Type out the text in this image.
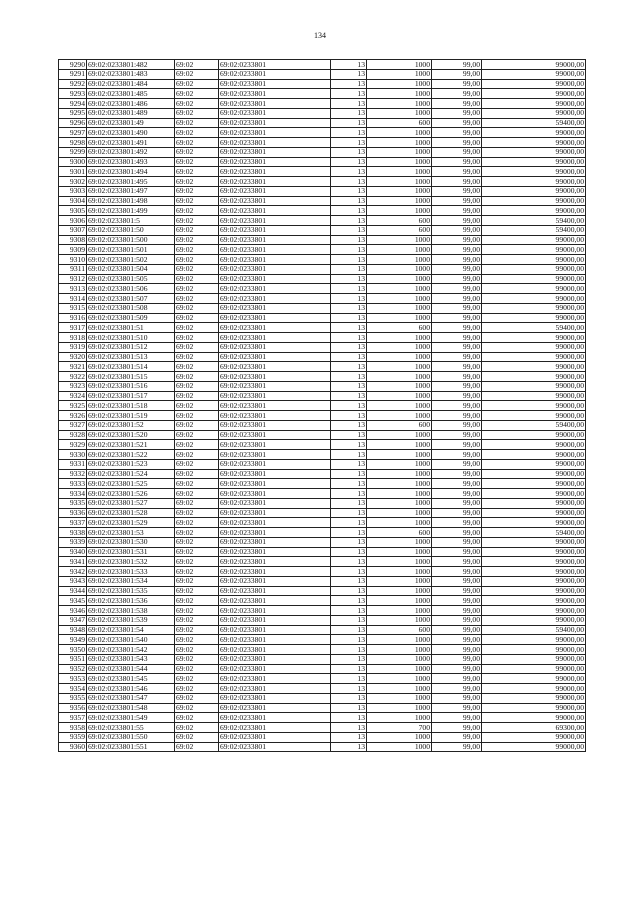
134
9290	69:02:0233801:482	69:02	69:02:0233801	13	1000	99,00	99000,00
9291	69:02:0233801:483	69:02	69:02:0233801	13	1000	99,00	99000,00
9292	69:02:0233801:484	69:02	69:02:0233801	13	1000	99,00	99000,00
9293	69:02:0233801:485	69:02	69:02:0233801	13	1000	99,00	99000,00
9294	69:02:0233801:486	69:02	69:02:0233801	13	1000	99,00	99000,00
9295	69:02:0233801:489	69:02	69:02:0233801	13	1000	99,00	99000,00
9296	69:02:0233801:49	69:02	69:02:0233801	13	600	99,00	59400,00
9297	69:02:0233801:490	69:02	69:02:0233801	13	1000	99,00	99000,00
9298	69:02:0233801:491	69:02	69:02:0233801	13	1000	99,00	99000,00
9299	69:02:0233801:492	69:02	69:02:0233801	13	1000	99,00	99000,00
9300	69:02:0233801:493	69:02	69:02:0233801	13	1000	99,00	99000,00
9301	69:02:0233801:494	69:02	69:02:0233801	13	1000	99,00	99000,00
9302	69:02:0233801:495	69:02	69:02:0233801	13	1000	99,00	99000,00
9303	69:02:0233801:497	69:02	69:02:0233801	13	1000	99,00	99000,00
9304	69:02:0233801:498	69:02	69:02:0233801	13	1000	99,00	99000,00
9305	69:02:0233801:499	69:02	69:02:0233801	13	1000	99,00	99000,00
9306	69:02:0233801:5	69:02	69:02:0233801	13	600	99,00	59400,00
9307	69:02:0233801:50	69:02	69:02:0233801	13	600	99,00	59400,00
9308	69:02:0233801:500	69:02	69:02:0233801	13	1000	99,00	99000,00
9309	69:02:0233801:501	69:02	69:02:0233801	13	1000	99,00	99000,00
9310	69:02:0233801:502	69:02	69:02:0233801	13	1000	99,00	99000,00
9311	69:02:0233801:504	69:02	69:02:0233801	13	1000	99,00	99000,00
9312	69:02:0233801:505	69:02	69:02:0233801	13	1000	99,00	99000,00
9313	69:02:0233801:506	69:02	69:02:0233801	13	1000	99,00	99000,00
9314	69:02:0233801:507	69:02	69:02:0233801	13	1000	99,00	99000,00
9315	69:02:0233801:508	69:02	69:02:0233801	13	1000	99,00	99000,00
9316	69:02:0233801:509	69:02	69:02:0233801	13	1000	99,00	99000,00
9317	69:02:0233801:51	69:02	69:02:0233801	13	600	99,00	59400,00
9318	69:02:0233801:510	69:02	69:02:0233801	13	1000	99,00	99000,00
9319	69:02:0233801:512	69:02	69:02:0233801	13	1000	99,00	99000,00
9320	69:02:0233801:513	69:02	69:02:0233801	13	1000	99,00	99000,00
9321	69:02:0233801:514	69:02	69:02:0233801	13	1000	99,00	99000,00
9322	69:02:0233801:515	69:02	69:02:0233801	13	1000	99,00	99000,00
9323	69:02:0233801:516	69:02	69:02:0233801	13	1000	99,00	99000,00
9324	69:02:0233801:517	69:02	69:02:0233801	13	1000	99,00	99000,00
9325	69:02:0233801:518	69:02	69:02:0233801	13	1000	99,00	99000,00
9326	69:02:0233801:519	69:02	69:02:0233801	13	1000	99,00	99000,00
9327	69:02:0233801:52	69:02	69:02:0233801	13	600	99,00	59400,00
9328	69:02:0233801:520	69:02	69:02:0233801	13	1000	99,00	99000,00
9329	69:02:0233801:521	69:02	69:02:0233801	13	1000	99,00	99000,00
9330	69:02:0233801:522	69:02	69:02:0233801	13	1000	99,00	99000,00
9331	69:02:0233801:523	69:02	69:02:0233801	13	1000	99,00	99000,00
9332	69:02:0233801:524	69:02	69:02:0233801	13	1000	99,00	99000,00
9333	69:02:0233801:525	69:02	69:02:0233801	13	1000	99,00	99000,00
9334	69:02:0233801:526	69:02	69:02:0233801	13	1000	99,00	99000,00
9335	69:02:0233801:527	69:02	69:02:0233801	13	1000	99,00	99000,00
9336	69:02:0233801:528	69:02	69:02:0233801	13	1000	99,00	99000,00
9337	69:02:0233801:529	69:02	69:02:0233801	13	1000	99,00	99000,00
9338	69:02:0233801:53	69:02	69:02:0233801	13	600	99,00	59400,00
9339	69:02:0233801:530	69:02	69:02:0233801	13	1000	99,00	99000,00
9340	69:02:0233801:531	69:02	69:02:0233801	13	1000	99,00	99000,00
9341	69:02:0233801:532	69:02	69:02:0233801	13	1000	99,00	99000,00
9342	69:02:0233801:533	69:02	69:02:0233801	13	1000	99,00	99000,00
9343	69:02:0233801:534	69:02	69:02:0233801	13	1000	99,00	99000,00
9344	69:02:0233801:535	69:02	69:02:0233801	13	1000	99,00	99000,00
9345	69:02:0233801:536	69:02	69:02:0233801	13	1000	99,00	99000,00
9346	69:02:0233801:538	69:02	69:02:0233801	13	1000	99,00	99000,00
9347	69:02:0233801:539	69:02	69:02:0233801	13	1000	99,00	99000,00
9348	69:02:0233801:54	69:02	69:02:0233801	13	600	99,00	59400,00
9349	69:02:0233801:540	69:02	69:02:0233801	13	1000	99,00	99000,00
9350	69:02:0233801:542	69:02	69:02:0233801	13	1000	99,00	99000,00
9351	69:02:0233801:543	69:02	69:02:0233801	13	1000	99,00	99000,00
9352	69:02:0233801:544	69:02	69:02:0233801	13	1000	99,00	99000,00
9353	69:02:0233801:545	69:02	69:02:0233801	13	1000	99,00	99000,00
9354	69:02:0233801:546	69:02	69:02:0233801	13	1000	99,00	99000,00
9355	69:02:0233801:547	69:02	69:02:0233801	13	1000	99,00	99000,00
9356	69:02:0233801:548	69:02	69:02:0233801	13	1000	99,00	99000,00
9357	69:02:0233801:549	69:02	69:02:0233801	13	1000	99,00	99000,00
9358	69:02:0233801:55	69:02	69:02:0233801	13	700	99,00	69300,00
9359	69:02:0233801:550	69:02	69:02:0233801	13	1000	99,00	99000,00
9360	69:02:0233801:551	69:02	69:02:0233801	13	1000	99,00	99000,00
